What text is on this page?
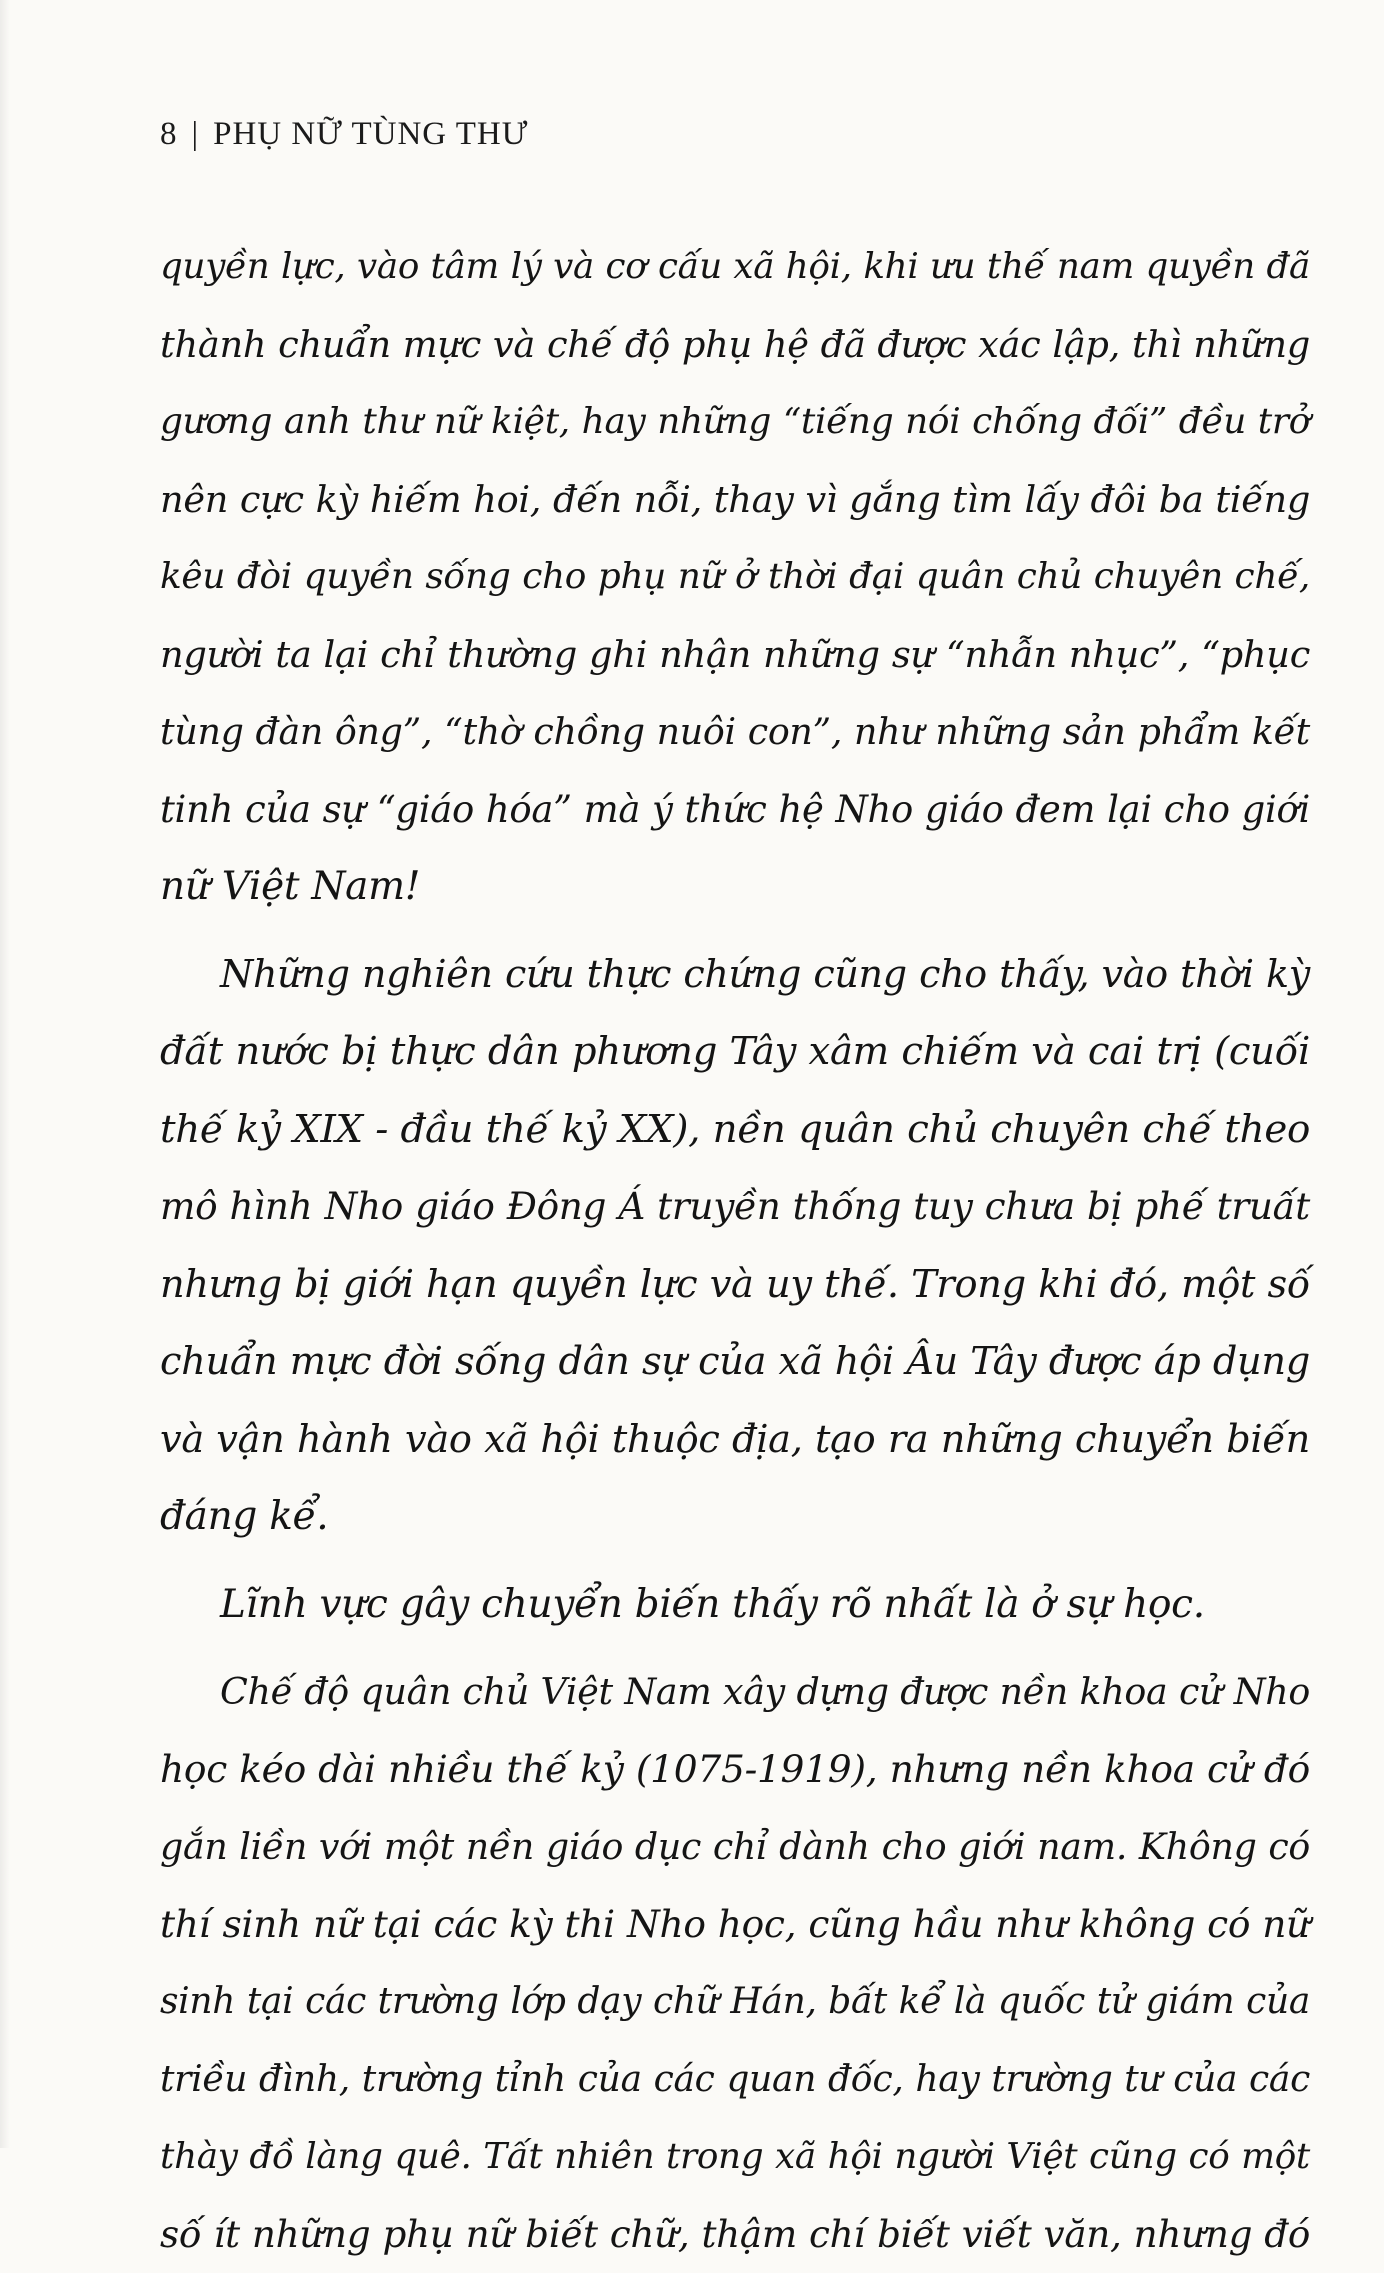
8 | PHỤ NỮ TÙNG THƯ
quyền lực, vào tâm lý và cơ cấu xã hội, khi ưu thế nam quyền đã
thành chuẩn mực và chế độ phụ hệ đã được xác lập, thì những
gương anh thư nữ kiệt, hay những “tiếng nói chống đối” đều trở
nên cực kỳ hiếm hoi, đến nỗi, thay vì gắng tìm lấy đôi ba tiếng
kêu đòi quyền sống cho phụ nữ ở thời đại quân chủ chuyên chế,
người ta lại chỉ thường ghi nhận những sự “nhẫn nhục”, “phục
tùng đàn ông”, “thờ chồng nuôi con”, như những sản phẩm kết
tinh của sự “giáo hóa” mà ý thức hệ Nho giáo đem lại cho giới
nữ Việt Nam!
Những nghiên cứu thực chứng cũng cho thấy, vào thời kỳ
đất nước bị thực dân phương Tây xâm chiếm và cai trị (cuối
thế kỷ XIX - đầu thế kỷ XX), nền quân chủ chuyên chế theo
mô hình Nho giáo Đông Á truyền thống tuy chưa bị phế truất
nhưng bị giới hạn quyền lực và uy thế. Trong khi đó, một số
chuẩn mực đời sống dân sự của xã hội Âu Tây được áp dụng
và vận hành vào xã hội thuộc địa, tạo ra những chuyển biến
đáng kể.
Lĩnh vực gây chuyển biến thấy rõ nhất là ở sự học.
Chế độ quân chủ Việt Nam xây dựng được nền khoa cử Nho
học kéo dài nhiều thế kỷ (1075-1919), nhưng nền khoa cử đó
gắn liền với một nền giáo dục chỉ dành cho giới nam. Không có
thí sinh nữ tại các kỳ thi Nho học, cũng hầu như không có nữ
sinh tại các trường lớp dạy chữ Hán, bất kể là quốc tử giám của
triều đình, trường tỉnh của các quan đốc, hay trường tư của các
thày đồ làng quê. Tất nhiên trong xã hội người Việt cũng có một
số ít những phụ nữ biết chữ, thậm chí biết viết văn, nhưng đó
